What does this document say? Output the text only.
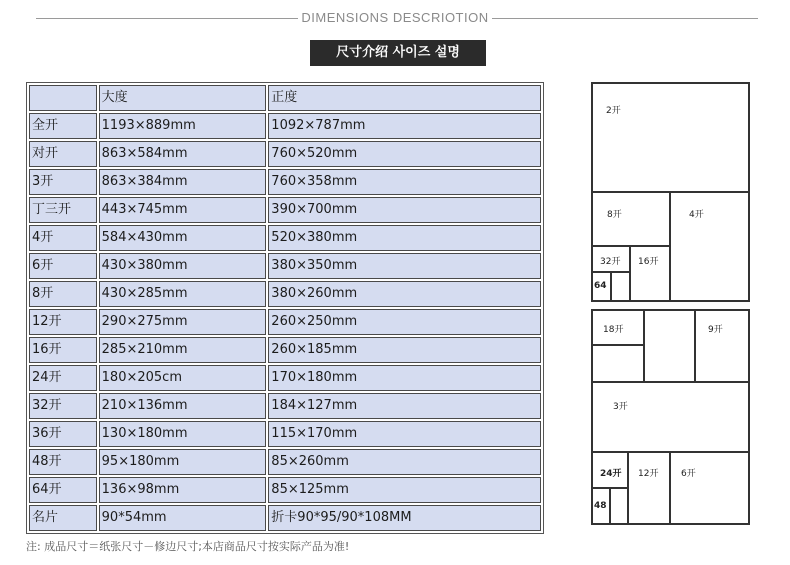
DIMENSIONS DESCRIOTION
尺寸介绍 사이즈 설명
	大度	正度
全开	1193×889mm	1092×787mm
对开	863×584mm	760×520mm
3开	863×384mm	760×358mm
丁三开	443×745mm	390×700mm
4开	584×430mm	520×380mm
6开	430×380mm	380×350mm
8开	430×285mm	380×260mm
12开	290×275mm	260×250mm
16开	285×210mm	260×185mm
24开	180×205cm	170×180mm
32开	210×136mm	184×127mm
36开	130×180mm	115×170mm
48开	95×180mm	85×260mm
64开	136×98mm	85×125mm
名片	90*54mm	折卡90*95/90*108MM
注: 成品尺寸＝纸张尺寸－修边尺寸;本店商品尺寸按实际产品为准!
2开
8开	4开
32开 16开
64
18开	9开
3开
24开 12开	6开
48
